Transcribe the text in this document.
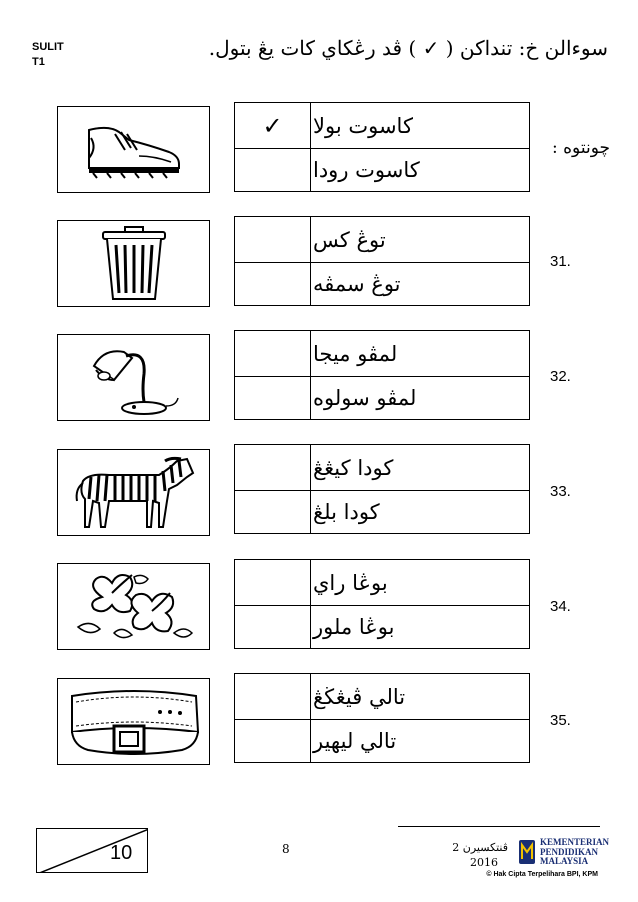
SULIT
T1
سوءالن خ: تنداكن ( ✓ ) ڤد رڠكاي كات يڠ بتول.
چونتوه :
✓	كاسوت بولا
كاسوت رودا
31.
توڠ كس
توڠ سمڤه
32.
لمڤو ميجا
لمڤو سولوه
33.
كودا كيڠڠ
كودا بلڠ
34.
بوڠا راي
بوڠا ملور
35.
تالي ڤيڠڬڠ
تالي ليهير
10	8	ڤنتکسيرن 2
2016
KEMENTERIAN
PENDIDIKAN
MALAYSIA
© Hak Cipta Terpelihara BPI, KPM
